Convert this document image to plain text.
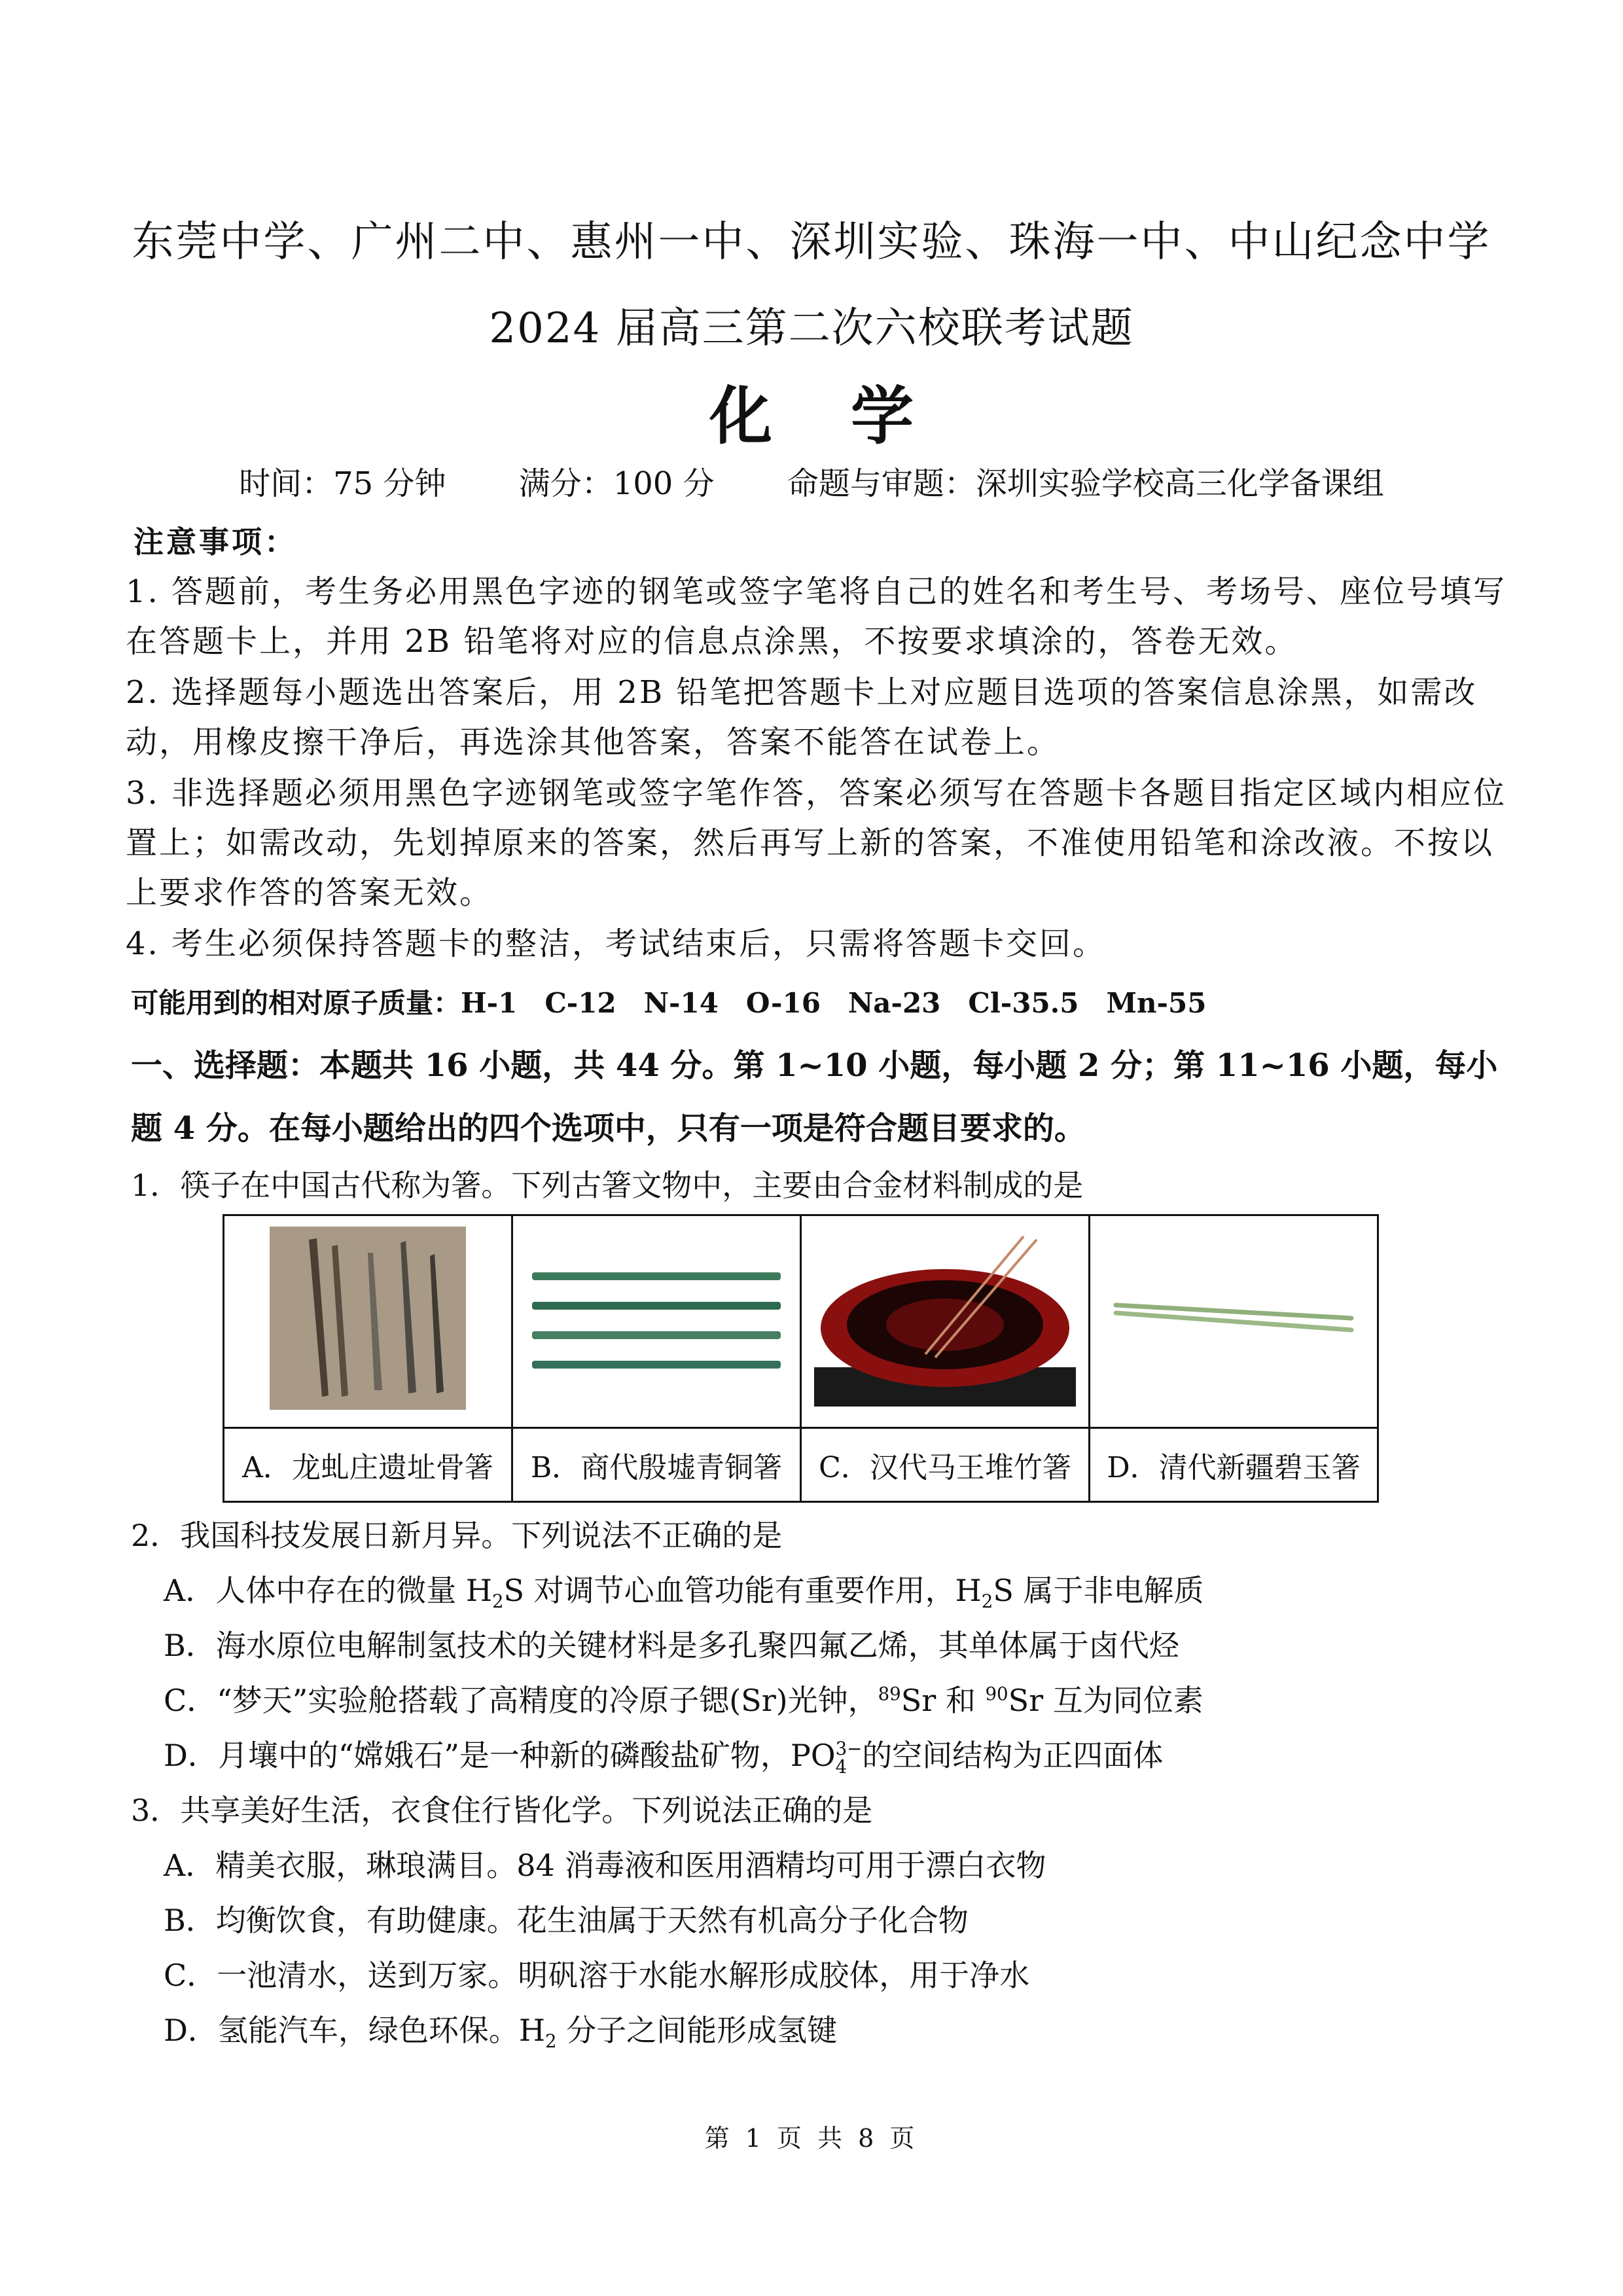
东莞中学、广州二中、惠州一中、深圳实验、珠海一中、中山纪念中学
2024 届高三第二次六校联考试题
化学
时间：75 分钟 满分：100 分 命题与审题：深圳实验学校高三化学备课组
注意事项：
1. 答题前，考生务必用黑色字迹的钢笔或签字笔将自己的姓名和考生号、考场号、座位号填写在答题卡上，并用 2B 铅笔将对应的信息点涂黑，不按要求填涂的，答卷无效。
2. 选择题每小题选出答案后，用 2B 铅笔把答题卡上对应题目选项的答案信息涂黑，如需改动，用橡皮擦干净后，再选涂其他答案，答案不能答在试卷上。
3. 非选择题必须用黑色字迹钢笔或签字笔作答，答案必须写在答题卡各题目指定区域内相应位置上；如需改动，先划掉原来的答案，然后再写上新的答案，不准使用铅笔和涂改液。不按以上要求作答的答案无效。
4. 考生必须保持答题卡的整洁，考试结束后，只需将答题卡交回。
可能用到的相对原子质量：H-1　C-12　N-14　O-16　Na-23　Cl-35.5　Mn-55
一、选择题：本题共 16 小题，共 44 分。第 1~10 小题，每小题 2 分；第 11~16 小题，每小题 4 分。在每小题给出的四个选项中，只有一项是符合题目要求的。
1．筷子在中国古代称为箸。下列古箸文物中，主要由合金材料制成的是

A．龙虬庄遗址骨箸	B．商代殷墟青铜箸	C．汉代马王堆竹箸	D．清代新疆碧玉箸
2．我国科技发展日新月异。下列说法不正确的是
A．人体中存在的微量 $H_2S$ 对调节心血管功能有重要作用，$H_2S$ 属于非电解质
B．海水原位电解制氢技术的关键材料是多孔聚四氟乙烯，其单体属于卤代烃
C．“梦天”实验舱搭载了高精度的冷原子锶(Sr)光钟，$^{89}$Sr 和 $^{90}$Sr 互为同位素
D．月壤中的“嫦娥石”是一种新的磷酸盐矿物，PO 3−
4 的空间结构为正四面体
3．共享美好生活，衣食住行皆化学。下列说法正确的是
A．精美衣服，琳琅满目。84 消毒液和医用酒精均可用于漂白衣物
B．均衡饮食，有助健康。花生油属于天然有机高分子化合物
C．一池清水，送到万家。明矾溶于水能水解形成胶体，用于净水
D．氢能汽车，绿色环保。$H_2$ 分子之间能形成氢键
第 1 页 共 8 页
